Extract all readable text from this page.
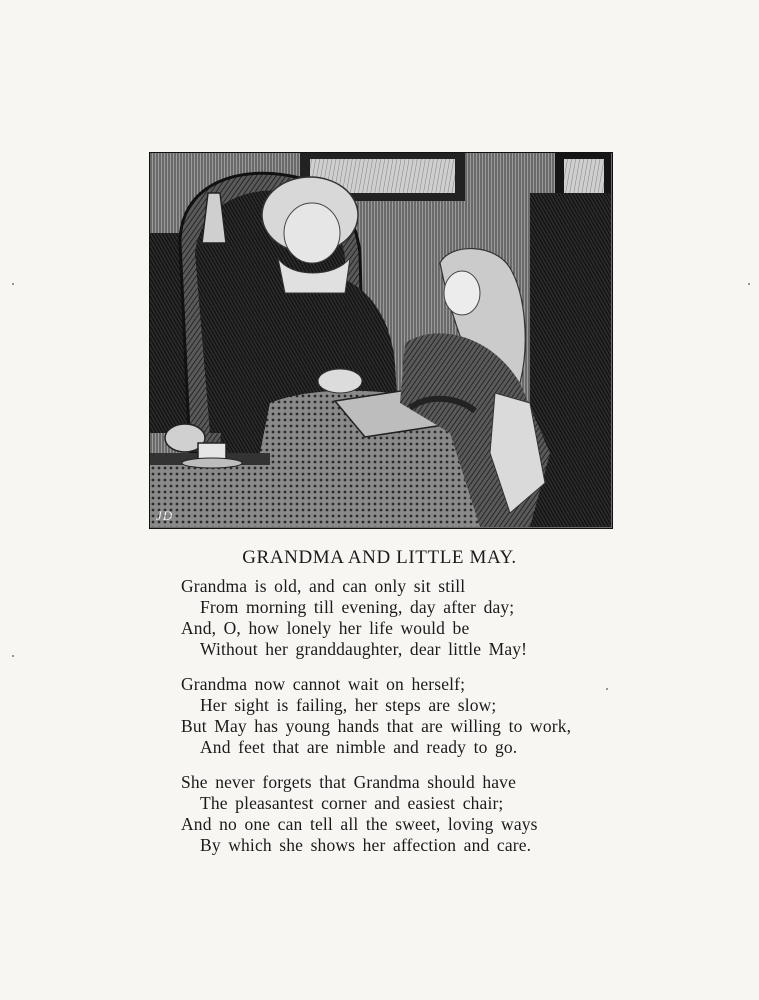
JD
GRANDMA AND LITTLE MAY.
Grandma is old, and can only sit still
From morning till evening, day after day;
And, O, how lonely her life would be
Without her granddaughter, dear little May!
Grandma now cannot wait on herself;
Her sight is failing, her steps are slow;
But May has young hands that are willing to work,
And feet that are nimble and ready to go.
She never forgets that Grandma should have
The pleasantest corner and easiest chair;
And no one can tell all the sweet, loving ways
By which she shows her affection and care.
